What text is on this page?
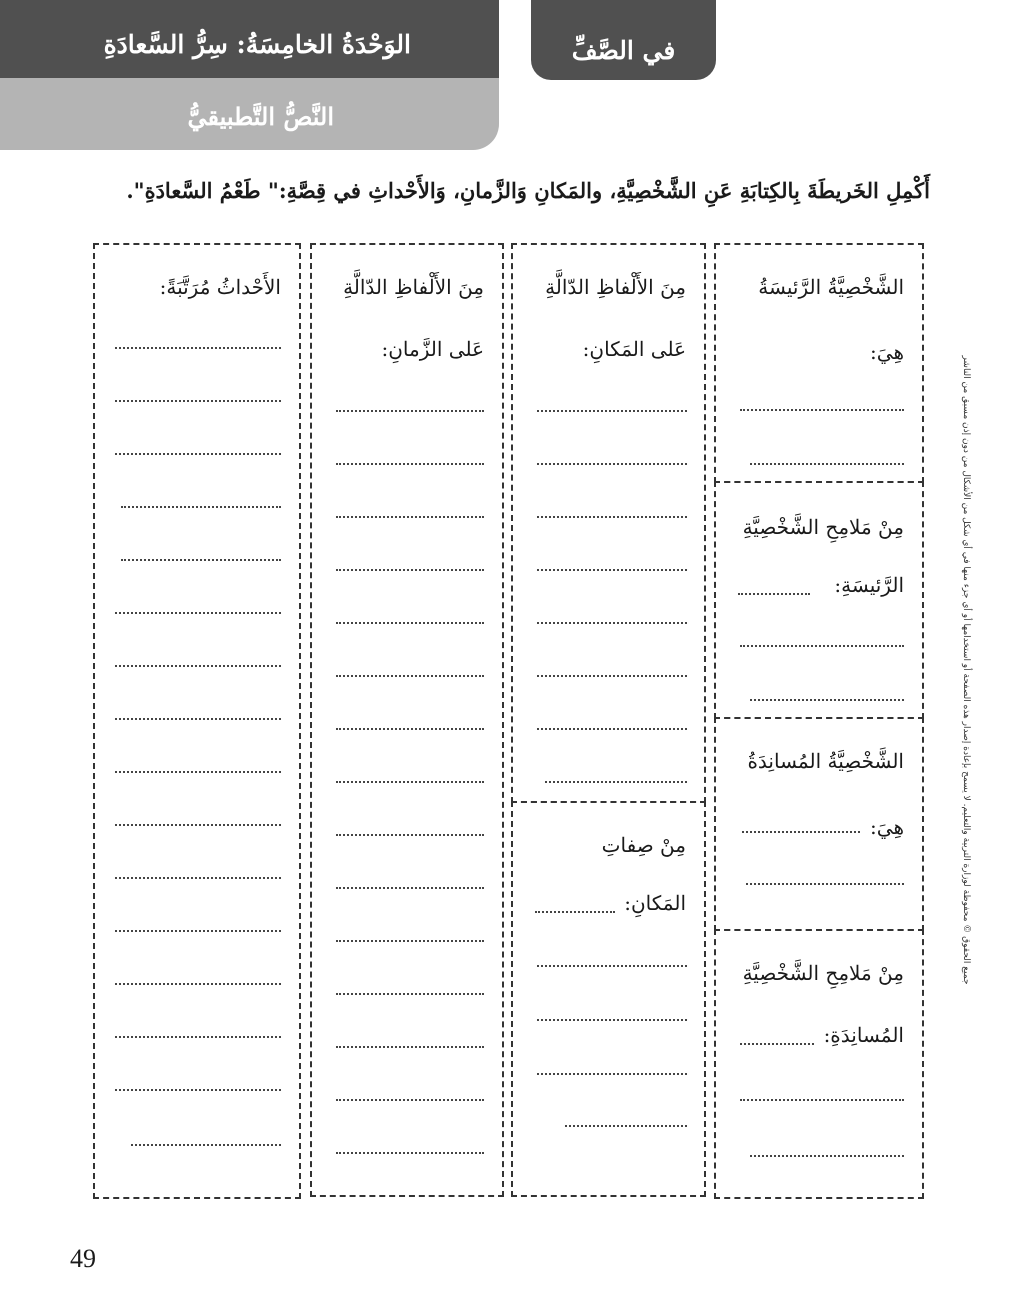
الوَحْدَةُ الخامِسَةُ: سِرُّ السَّعادَةِ
النَّصُّ التَّطبيقيُّ
في الصَّفِّ
أَكْمِلِ الخَريطَةَ بِالكِتابَةِ عَنِ الشَّخْصِيَّةِ، والمَكانِ وَالزَّمانِ، وَالأَحْداثِ في قِصَّةِ:" طَعْمُ السَّعادَةِ".
الشَّخْصِيَّةُ الرَّئيسَةُ
هِيَ:
مِنْ مَلامِحِ الشَّخْصِيَّةِ
الرَّئيسَةِ:
الشَّخْصِيَّةُ المُسانِدَةُ
هِيَ:
مِنْ مَلامِحِ الشَّخْصِيَّةِ
المُسانِدَةِ:
مِنَ الأَلْفاظِ الدّالَّةِ
عَلى المَكانِ:
مِنْ صِفاتِ
المَكانِ:
مِنَ الأَلْفاظِ الدّالَّةِ
عَلى الزَّمانِ:
الأَحْداثُ مُرَتَّبَةً:
جميع الحقوق © محفوظة لوزارة التربية والتعليم. لا يسمح بإعادة إصدار هذه الصفحة أو استخدامها أو أي جزء منها في أي شكل من الأشكال من دون إذن مسبق من الناشر
49
